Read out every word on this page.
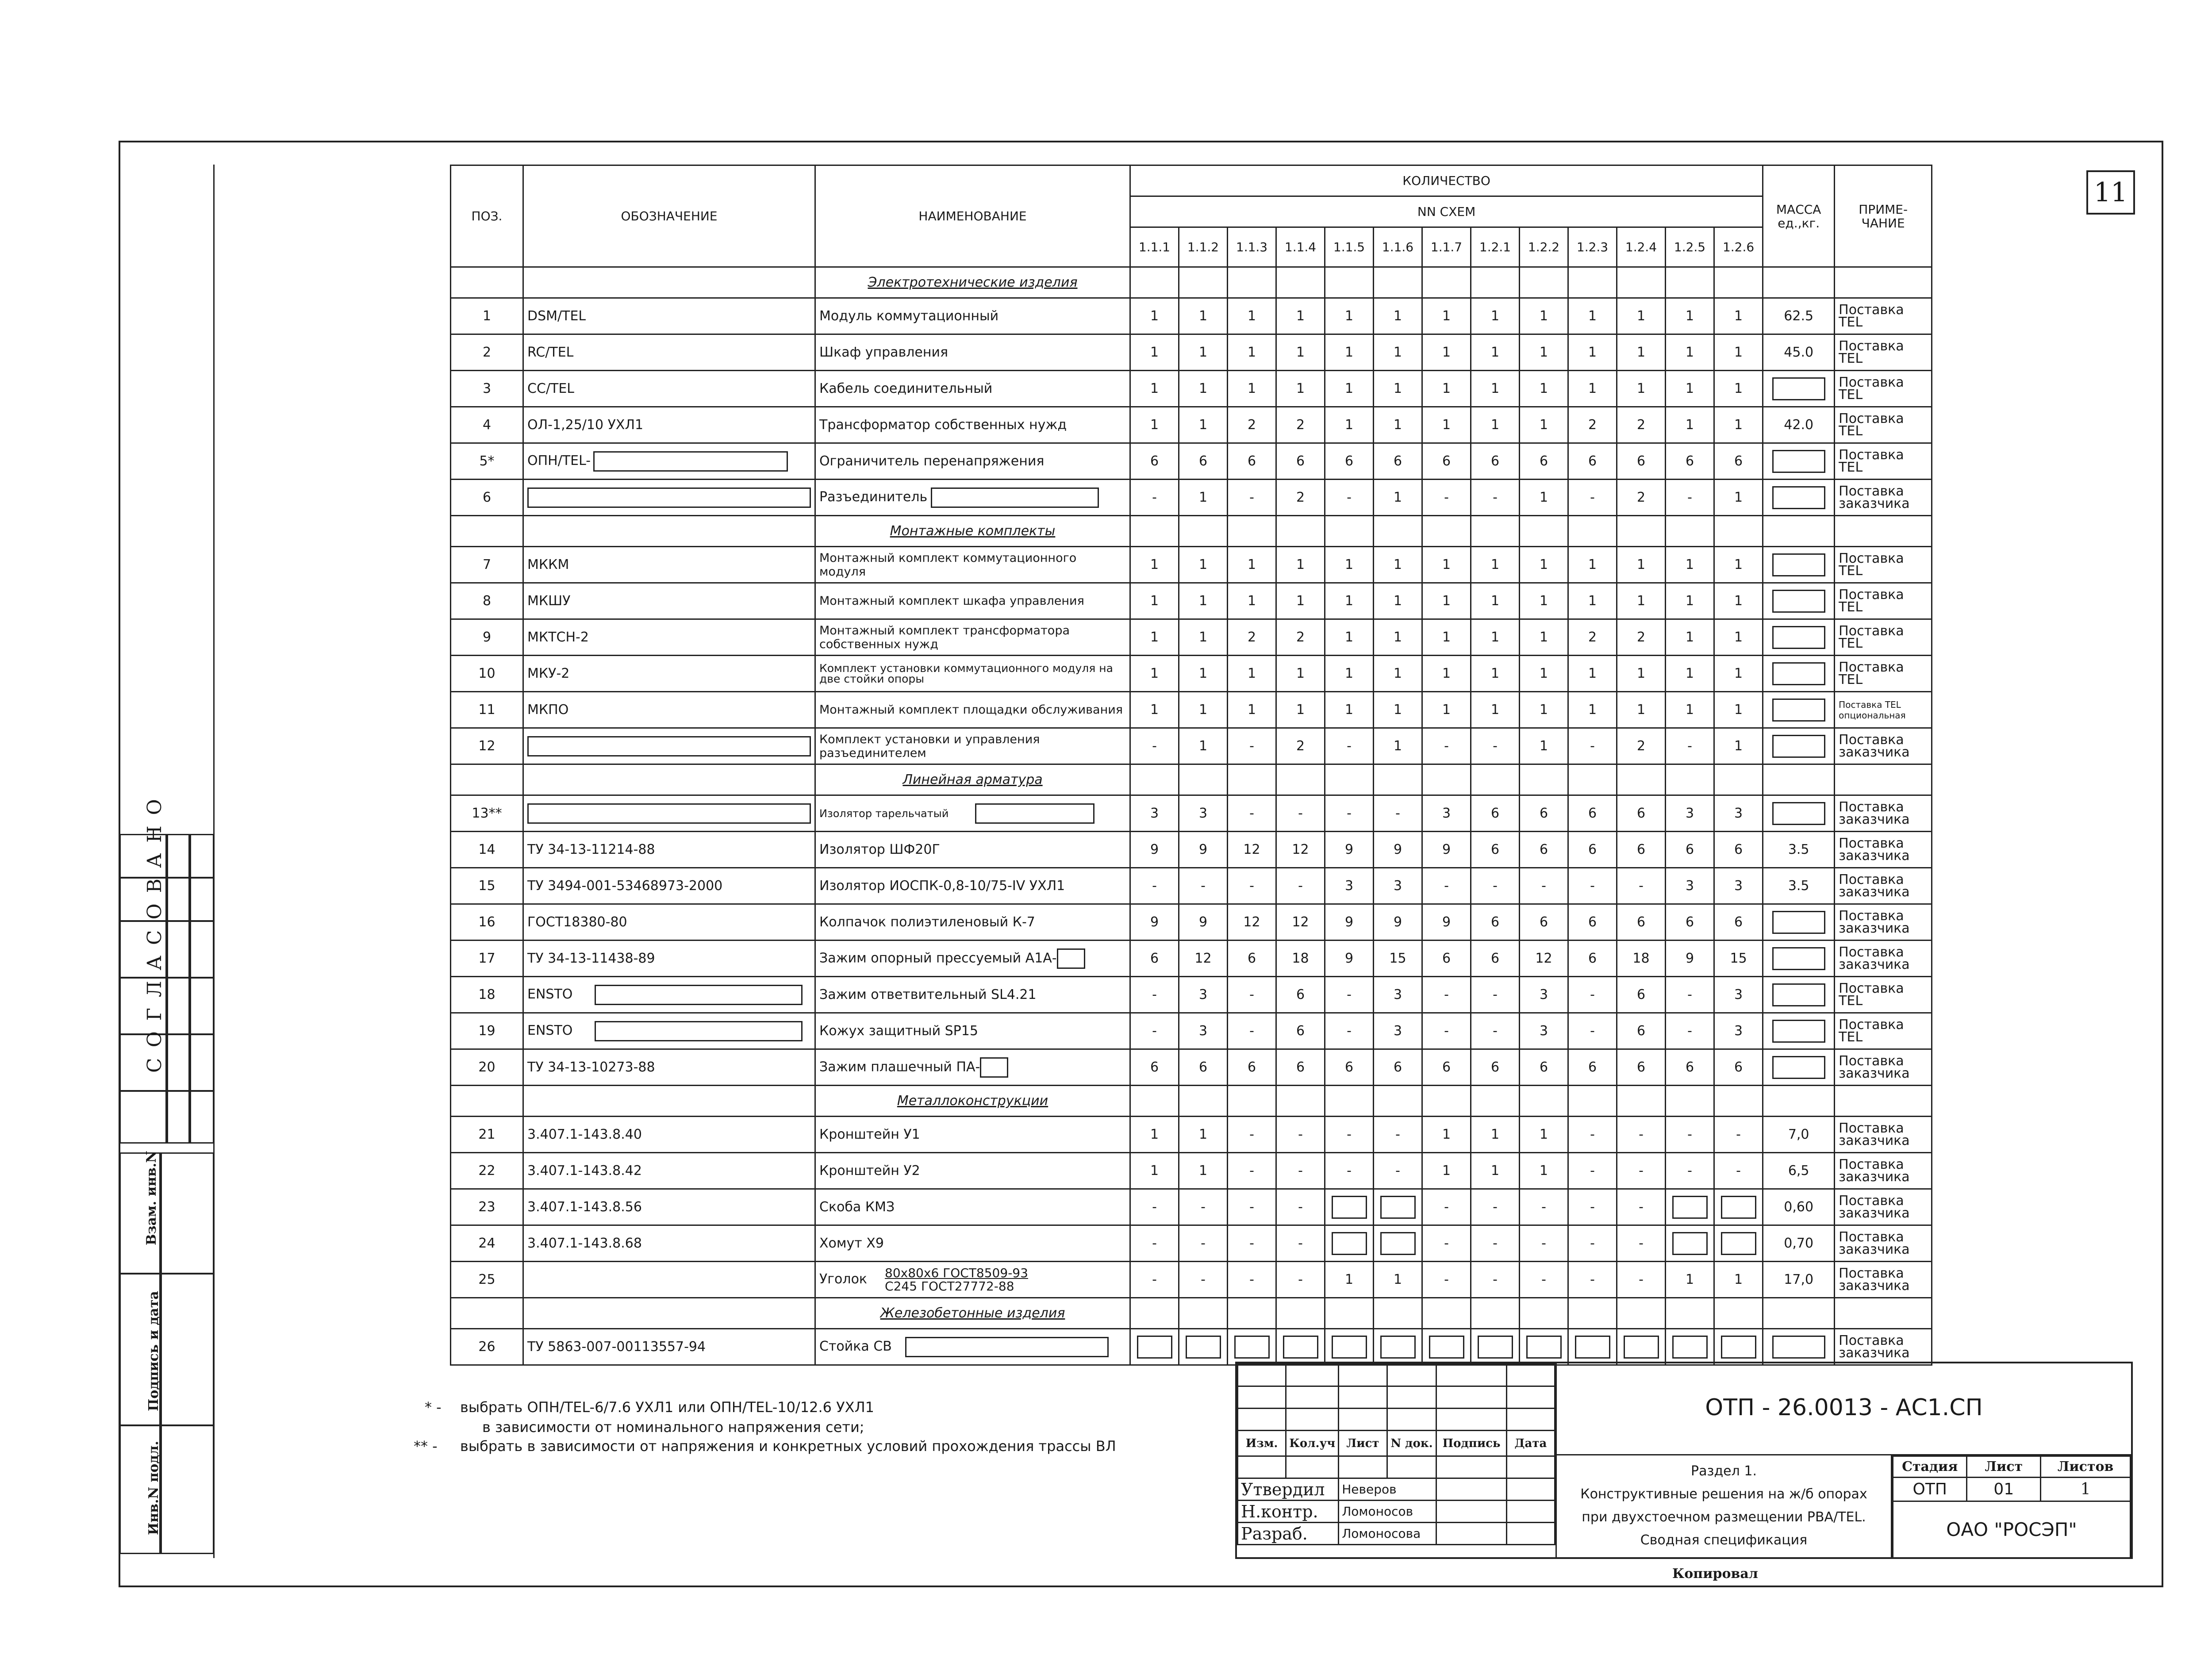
11
СОГЛАСОВАНО
Взам. инв.N
Подпись и дата
Инв.N подл.
ПОЗ.	ОБОЗНАЧЕНИЕ	НАИМЕНОВАНИЕ	КОЛИЧЕСТВО													МАССА ед.,кг.	ПРИМЕ-ЧАНИЕ
			NN СХЕМ														
			1.1.1	1.1.2	1.1.3	1.1.4	1.1.5	1.1.6	1.1.7	1.2.1	1.2.2	1.2.3	1.2.4	1.2.5	1.2.6		
		Электротехнические изделия															
1	DSM/TEL	Модуль коммутационный	1	1	1	1	1	1	1	1	1	1	1	1	1	62.5	Поставка TEL
2	RC/TEL	Шкаф управления	1	1	1	1	1	1	1	1	1	1	1	1	1	45.0	Поставка TEL
3	CC/TEL	Кабель соединительный	1	1	1	1	1	1	1	1	1	1	1	1	1		Поставка TEL
4	ОЛ-1,25/10 УХЛ1	Трансформатор собственных нужд	1	1	2	2	1	1	1	1	1	2	2	1	1	42.0	Поставка TEL
5*	ОПН/TEL-	Ограничитель перенапряжения	6	6	6	6	6	6	6	6	6	6	6	6	6		Поставка TEL
6		Разъединитель	-	1	-	2	-	1	-	-	1	-	2	-	1		Поставка заказчика
		Монтажные комплекты															
7	МККМ	Монтажный комплект коммутационного модуля	1	1	1	1	1	1	1	1	1	1	1	1	1		Поставка TEL
8	МКШУ	Монтажный комплект шкафа управления	1	1	1	1	1	1	1	1	1	1	1	1	1		Поставка TEL
9	МКТСН-2	Монтажный комплект трансформатора собственных нужд	1	1	2	2	1	1	1	1	1	2	2	1	1		Поставка TEL
10	МКУ-2	Комплект установки коммутационного модуля на две стойки опоры	1	1	1	1	1	1	1	1	1	1	1	1	1		Поставка TEL
11	МКПО	Монтажный комплект площадки обслуживания	1	1	1	1	1	1	1	1	1	1	1	1	1		Поставка TEL опциональная
12		Комплект установки и управления разъединителем	-	1	-	2	-	1	-	-	1	-	2	-	1		Поставка заказчика
		Линейная арматура															
13**		Изолятор тарельчатый	3	3	-	-	-	-	3	6	6	6	6	3	3		Поставка заказчика
14	ТУ 34-13-11214-88	Изолятор ШФ20Г	9	9	12	12	9	9	9	6	6	6	6	6	6	3.5	Поставка заказчика
15	ТУ 3494-001-53468973-2000	Изолятор ИОСПК-0,8-10/75-IV УХЛ1	-	-	-	-	3	3	-	-	-	-	-	3	3	3.5	Поставка заказчика
16	ГОСТ18380-80	Колпачок полиэтиленовый К-7	9	9	12	12	9	9	9	6	6	6	6	6	6		Поставка заказчика
17	ТУ 34-13-11438-89	Зажим опорный прессуемый А1А-	6	12	6	18	9	15	6	6	12	6	18	9	15		Поставка заказчика
18	ENSTO	Зажим ответвительный SL4.21	-	3	-	6	-	3	-	-	3	-	6	-	3		Поставка TEL
19	ENSTO	Кожух защитный SP15	-	3	-	6	-	3	-	-	3	-	6	-	3		Поставка TEL
20	ТУ 34-13-10273-88	Зажим плашечный ПА-	6	6	6	6	6	6	6	6	6	6	6	6	6		Поставка заказчика
		Металлоконструкции															
21	3.407.1-143.8.40	Кронштейн У1	1	1	-	-	-	-	1	1	1	-	-	-	-	7,0	Поставка заказчика
22	3.407.1-143.8.42	Кронштейн У2	1	1	-	-	-	-	1	1	1	-	-	-	-	6,5	Поставка заказчика
23	3.407.1-143.8.56	Скоба КМЗ	-	-	-	-			-	-	-	-	-			0,60	Поставка заказчика
24	3.407.1-143.8.68	Хомут Х9	-	-	-	-			-	-	-	-	-			0,70	Поставка заказчика
25		Уголок 80х80х6 ГОСТ8509-93
С245 ГОСТ27772-88	-	-	-	-	1	1	-	-	-	-	-	1	1	17,0	Поставка заказчика
		Железобетонные изделия															
26	ТУ 5863-007-00113557-94	Стойка СВ															Поставка заказчика
* - выбрать ОПН/TEL-6/7.6 УХЛ1 или ОПН/TEL-10/12.6 УХЛ1
в зависимости от номинального напряжения сети;
** - выбрать в зависимости от напряжения и конкретных условий прохождения трассы ВЛ

						Изм.	Кол.уч	Лист	N док.	Подпись	Дата

Утвердил		Неверов			
Н.контр.		Ломоносов			
Разраб.		Ломоносова			
ОТП - 26.0013 - АС1.СП
Раздел 1.
Конструктивные решения на ж/б опорах
при двухстоечном размещении PBA/TEL.
Сводная спецификация
Стадия	Лист	Листов
ОТП	01	1
ОАО "РОСЭП"		
Копировал
